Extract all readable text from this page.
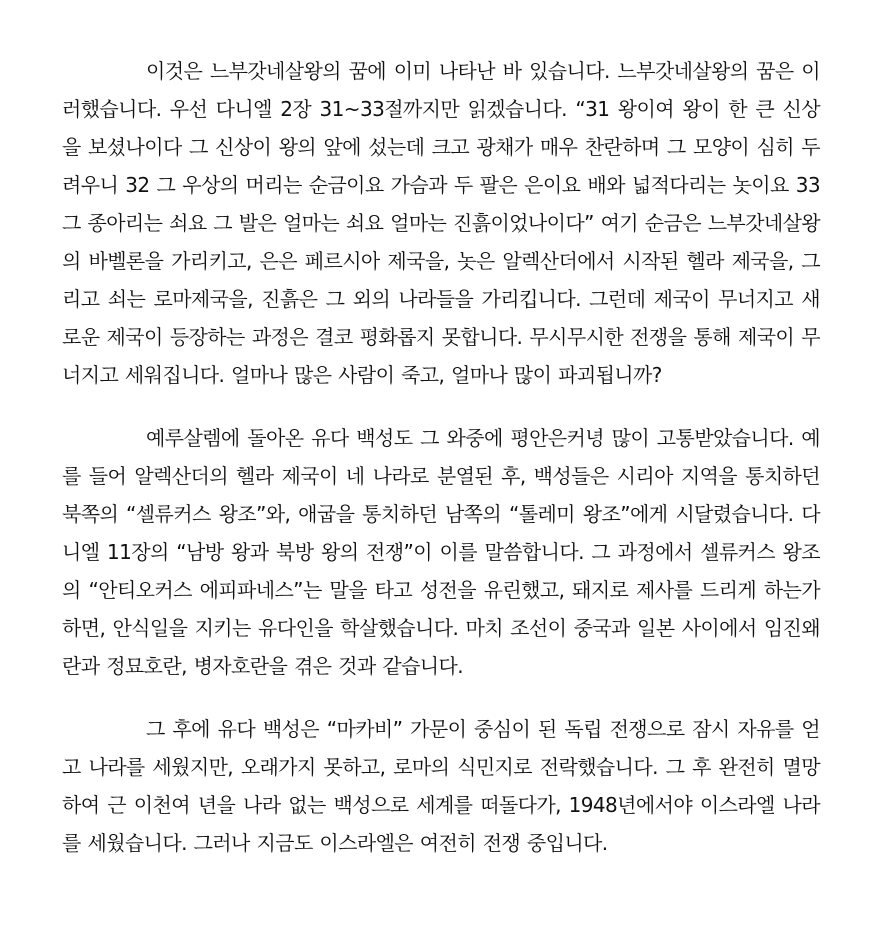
이것은 느부갓네살왕의 꿈에 이미 나타난 바 있습니다. 느부갓네살왕의 꿈은 이러했습니다. 우선 다니엘 2장 31~33절까지만 읽겠습니다. “31 왕이여 왕이 한 큰 신상을 보셨나이다 그 신상이 왕의 앞에 섰는데 크고 광채가 매우 찬란하며 그 모양이 심히 두려우니 32 그 우상의 머리는 순금이요 가슴과 두 팔은 은이요 배와 넓적다리는 놋이요 33 그 종아리는 쇠요 그 발은 얼마는 쇠요 얼마는 진흙이었나이다” 여기 순금은 느부갓네살왕의 바벨론을 가리키고, 은은 페르시아 제국을, 놋은 알렉산더에서 시작된 헬라 제국을, 그리고 쇠는 로마제국을, 진흙은 그 외의 나라들을 가리킵니다. 그런데 제국이 무너지고 새로운 제국이 등장하는 과정은 결코 평화롭지 못합니다. 무시무시한 전쟁을 통해 제국이 무너지고 세워집니다. 얼마나 많은 사람이 죽고, 얼마나 많이 파괴됩니까?

예루살렘에 돌아온 유다 백성도 그 와중에 평안은커녕 많이 고통받았습니다. 예를 들어 알렉산더의 헬라 제국이 네 나라로 분열된 후, 백성들은 시리아 지역을 통치하던 북쪽의 “셀류커스 왕조”와, 애굽을 통치하던 남쪽의 “톨레미 왕조”에게 시달렸습니다. 다니엘 11장의 “남방 왕과 북방 왕의 전쟁”이 이를 말씀합니다. 그 과정에서 셀류커스 왕조의 “안티오커스 에피파네스”는 말을 타고 성전을 유린했고, 돼지로 제사를 드리게 하는가 하면, 안식일을 지키는 유다인을 학살했습니다. 마치 조선이 중국과 일본 사이에서 임진왜란과 정묘호란, 병자호란을 겪은 것과 같습니다.

그 후에 유다 백성은 “마카비” 가문이 중심이 된 독립 전쟁으로 잠시 자유를 얻고 나라를 세웠지만, 오래가지 못하고, 로마의 식민지로 전락했습니다. 그 후 완전히 멸망하여 근 이천여 년을 나라 없는 백성으로 세계를 떠돌다가, 1948년에서야 이스라엘 나라를 세웠습니다. 그러나 지금도 이스라엘은 여전히 전쟁 중입니다.
